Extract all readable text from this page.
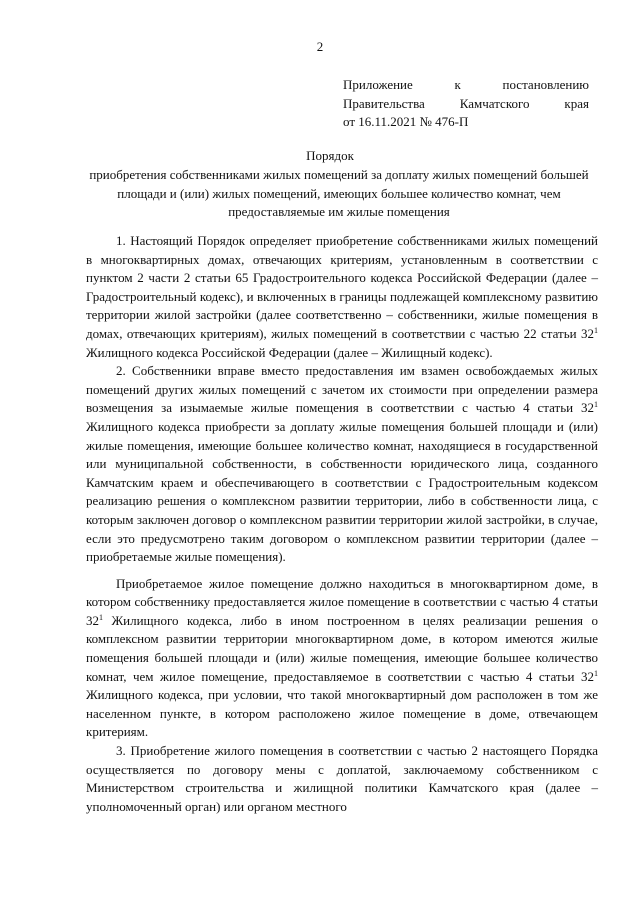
2
Приложение к постановлению
Правительства Камчатского края
от 16.11.2021 № 476-П
Порядок
приобретения собственниками жилых помещений за доплату жилых помещений большей площади и (или) жилых помещений, имеющих большее количество комнат, чем предоставляемые им жилые помещения

1. Настоящий Порядок определяет приобретение собственниками жилых помещений в многоквартирных домах, отвечающих критериям, установленным в соответствии с пунктом 2 части 2 статьи 65 Градостроительного кодекса Российской Федерации (далее – Градостроительный кодекс), и включенных в границы подлежащей комплексному развитию территории жилой застройки (далее соответственно – собственники, жилые помещения в домах, отвечающих критериям), жилых помещений в соответствии с частью 22 статьи $32^1$ Жилищного кодекса Российской Федерации (далее – Жилищный кодекс).

2. Собственники вправе вместо предоставления им взамен освобождаемых жилых помещений других жилых помещений с зачетом их стоимости при определении размера возмещения за изымаемые жилые помещения в соответствии с частью 4 статьи $32^1$ Жилищного кодекса приобрести за доплату жилые помещения большей площади и (или) жилые помещения, имеющие большее количество комнат, находящиеся в государственной или муниципальной собственности, в собственности юридического лица, созданного Камчатским краем и обеспечивающего в соответствии с Градостроительным кодексом реализацию решения о комплексном развитии территории, либо в собственности лица, с которым заключен договор о комплексном развитии территории жилой застройки, в случае, если это предусмотрено таким договором о комплексном развитии территории (далее – приобретаемые жилые помещения).

Приобретаемое жилое помещение должно находиться в многоквартирном доме, в котором собственнику предоставляется жилое помещение в соответствии с частью 4 статьи $32^1$ Жилищного кодекса, либо в ином построенном в целях реализации решения о комплексном развитии территории многоквартирном доме, в котором имеются жилые помещения большей площади и (или) жилые помещения, имеющие большее количество комнат, чем жилое помещение, предоставляемое в соответствии с частью 4 статьи $32^1$ Жилищного кодекса, при условии, что такой многоквартирный дом расположен в том же населенном пункте, в котором расположено жилое помещение в доме, отвечающем критериям.

3. Приобретение жилого помещения в соответствии с частью 2 настоящего Порядка осуществляется по договору мены с доплатой, заключаемому собственником с Министерством строительства и жилищной политики Камчатского края (далее – уполномоченный орган) или органом местного
